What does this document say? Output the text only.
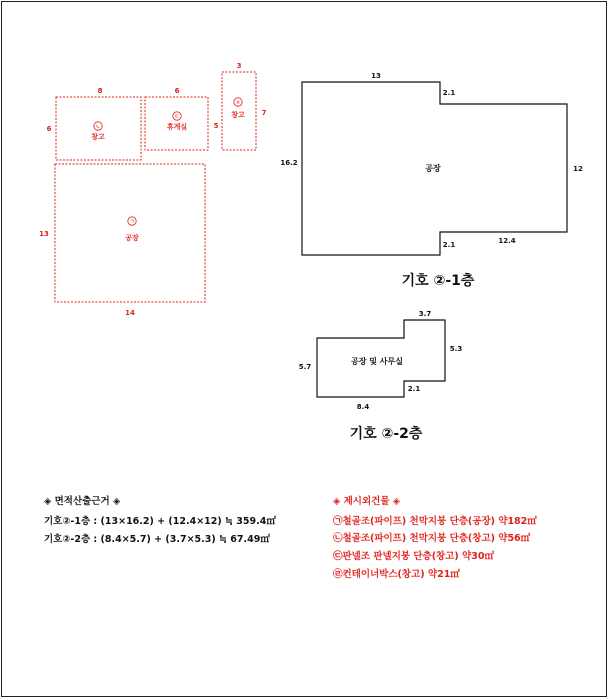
8
6
6
5
3
7
14
13
ㄴ
ㄷ
ㄹ
ㄱ
창고
휴게실
창고
공장
13
16.2
2.1
12
2.1	12.4
공장
기호 ②-1층
3.7
5.3
5.7
2.1
8.4
공장 및 사무실
기호 ②-2층
◈ 면적산출근거 ◈
기호②-1층 : (13×16.2) + (12.4×12) ≒ 359.4㎡
기호②-2층 : (8.4×5.7) + (3.7×5.3) ≒ 67.49㎡
◈ 제시외건물 ◈
㉠철골조(파이프) 천막지붕 단층(공장) 약182㎡
㉡철골조(파이프) 천막지붕 단층(창고) 약56㎡
㉢판넬조 판넬지붕 단층(창고) 약30㎡
㉣컨테이너박스(창고) 약21㎡
